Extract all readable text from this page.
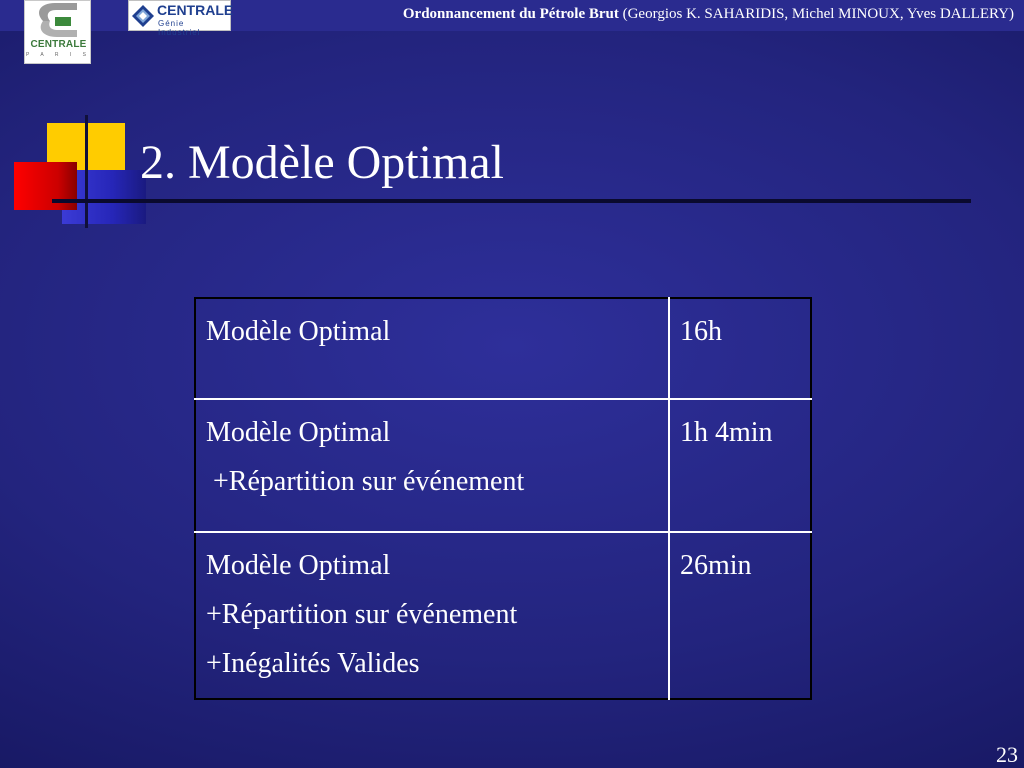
CENTRALE
P A R I S
CENTRALE
Génie Industriel
Ordonnancement du Pétrole Brut (Georgios K. SAHARIDIS, Michel MINOUX, Yves DALLERY)
2. Modèle Optimal
Modèle Optimal	16h

Modèle Optimal
+Répartition sur événement	1h 4min

Modèle Optimal
+Répartition sur événement
+Inégalités Valides	26min
23
